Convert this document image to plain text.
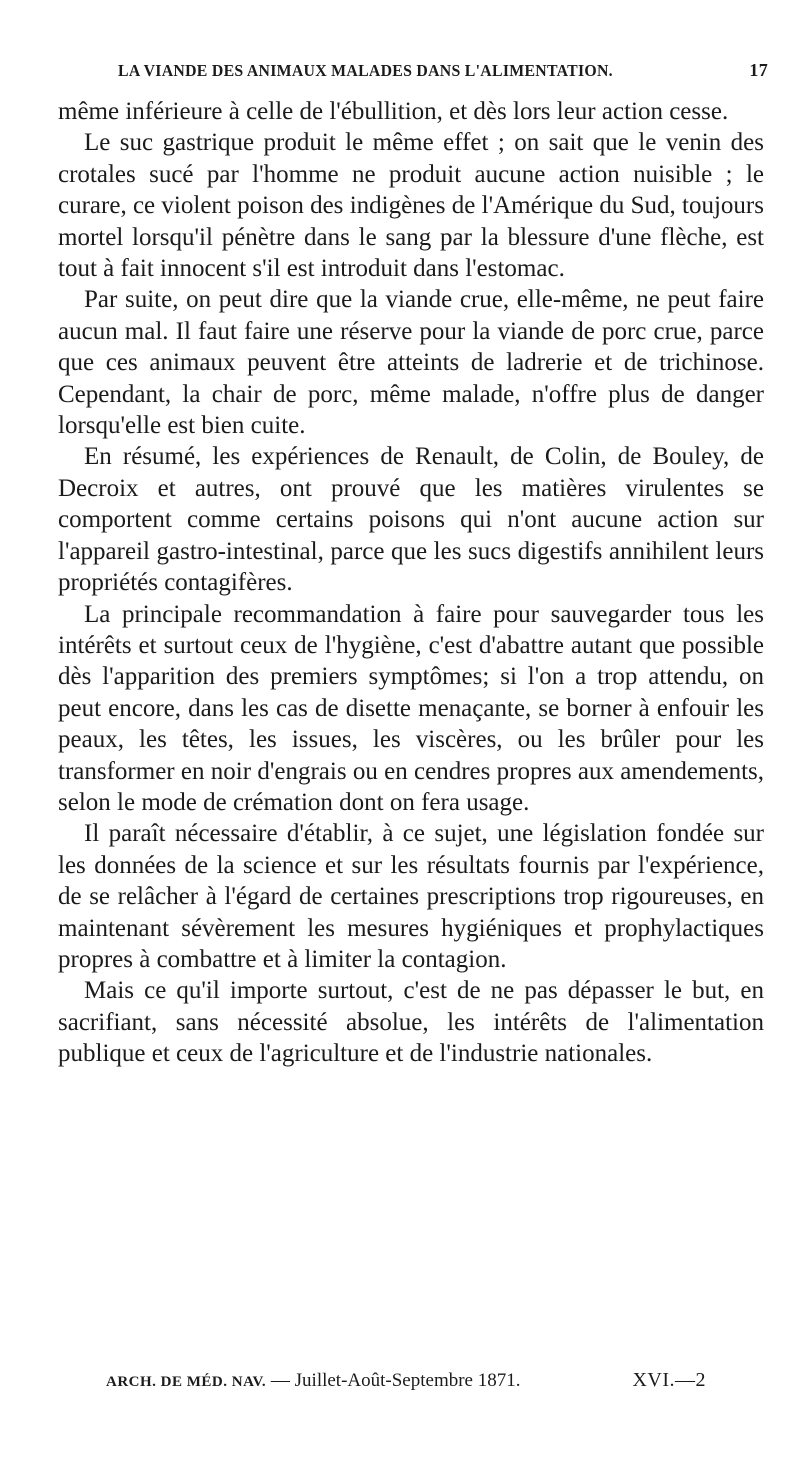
LA VIANDE DES ANIMAUX MALADES DANS L'ALIMENTATION.	17

même inférieure à celle de l'ébullition, et dès lors leur action cesse.

Le suc gastrique produit le même effet ; on sait que le venin des crotales sucé par l'homme ne produit aucune action nuisible ; le curare, ce violent poison des indigènes de l'Amérique du Sud, toujours mortel lorsqu'il pénètre dans le sang par la blessure d'une flèche, est tout à fait innocent s'il est introduit dans l'estomac.

Par suite, on peut dire que la viande crue, elle-même, ne peut faire aucun mal. Il faut faire une réserve pour la viande de porc crue, parce que ces animaux peuvent être atteints de ladrerie et de trichinose. Cependant, la chair de porc, même malade, n'offre plus de danger lorsqu'elle est bien cuite.

En résumé, les expériences de Renault, de Colin, de Bouley, de Decroix et autres, ont prouvé que les matières virulentes se comportent comme certains poisons qui n'ont aucune action sur l'appareil gastro-intestinal, parce que les sucs digestifs annihilent leurs propriétés contagifères.

La principale recommandation à faire pour sauvegarder tous les intérêts et surtout ceux de l'hygiène, c'est d'abattre autant que possible dès l'apparition des premiers symptômes; si l'on a trop attendu, on peut encore, dans les cas de disette menaçante, se borner à enfouir les peaux, les têtes, les issues, les viscères, ou les brûler pour les transformer en noir d'engrais ou en cendres propres aux amendements, selon le mode de crémation dont on fera usage.

Il paraît nécessaire d'établir, à ce sujet, une législation fondée sur les données de la science et sur les résultats fournis par l'expérience, de se relâcher à l'égard de certaines prescriptions trop rigoureuses, en maintenant sévèrement les mesures hygiéniques et prophylactiques propres à combattre et à limiter la contagion.

Mais ce qu'il importe surtout, c'est de ne pas dépasser le but, en sacrifiant, sans nécessité absolue, les intérêts de l'alimentation publique et ceux de l'agriculture et de l'industrie nationales.

ARCH. DE MÉD. NAV. — Juillet-Août-Septembre 1871.	XVI.—2
